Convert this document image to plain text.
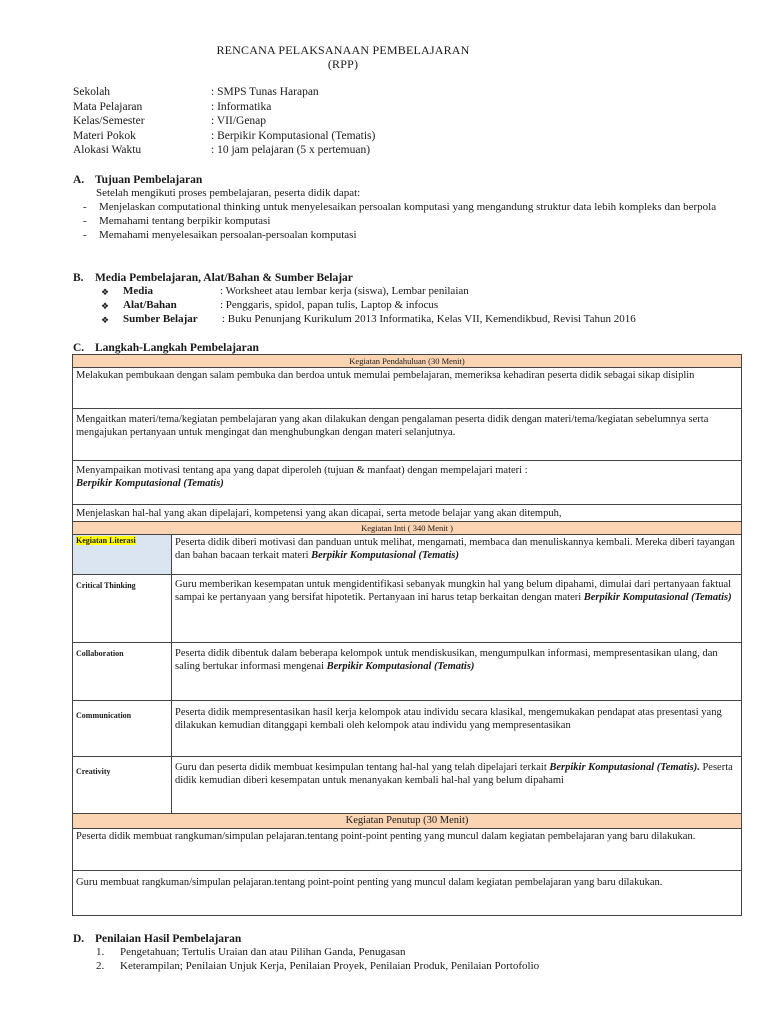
RENCANA PELAKSANAAN PEMBELAJARAN
(RPP)
Sekolah	: SMPS Tunas Harapan
Mata Pelajaran	: Informatika
Kelas/Semester	: VII/Genap
Materi Pokok	: Berpikir Komputasional (Tematis)
Alokasi Waktu	: 10 jam pelajaran (5 x pertemuan)
A. Tujuan Pembelajaran
Setelah mengikuti proses pembelajaran, peserta didik dapat:
-	Menjelaskan computational thinking untuk menyelesaikan persoalan komputasi yang mengandung struktur data lebih kompleks dan berpola
-	Memahami tentang berpikir komputasi
-	Memahami menyelesaikan persoalan-persoalan komputasi
B. Media Pembelajaran, Alat/Bahan & Sumber Belajar
❖	Media	: Worksheet atau lembar kerja (siswa), Lembar penilaian
❖	Alat/Bahan	: Penggaris, spidol, papan tulis, Laptop & infocus
❖	Sumber Belajar	: Buku Penunjang Kurikulum 2013 Informatika, Kelas VII, Kemendikbud, Revisi Tahun 2016
C. Langkah-Langkah Pembelajaran
Kegiatan Pendahuluan (30 Menit)	
Melakukan pembukaan dengan salam pembuka dan berdoa untuk memulai pembelajaran, memeriksa kehadiran peserta didik sebagai sikap disiplin	
Mengaitkan materi/tema/kegiatan pembelajaran yang akan dilakukan dengan pengalaman peserta didik dengan materi/tema/kegiatan sebelumnya serta mengajukan pertanyaan untuk mengingat dan menghubungkan dengan materi selanjutnya.	

Menyampaikan motivasi tentang apa yang dapat diperoleh (tujuan & manfaat) dengan mempelajari materi :
Berpikir Komputasional (Tematis)	

Menjelaskan hal-hal yang akan dipelajari, kompetensi yang akan dicapai, serta metode belajar yang akan ditempuh,	
Kegiatan Inti ( 340 Menit )	
Kegiatan Literasi	Peserta didik diberi motivasi dan panduan untuk melihat, mengamati, membaca dan menuliskannya kembali. Mereka diberi tayangan dan bahan bacaan terkait materi Berpikir Komputasional (Tematis)
Critical Thinking	Guru memberikan kesempatan untuk mengidentifikasi sebanyak mungkin hal yang belum dipahami, dimulai dari pertanyaan faktual sampai ke pertanyaan yang bersifat hipotetik. Pertanyaan ini harus tetap berkaitan dengan materi Berpikir Komputasional (Tematis)
Collaboration	Peserta didik dibentuk dalam beberapa kelompok untuk mendiskusikan, mengumpulkan informasi, mempresentasikan ulang, dan saling bertukar informasi mengenai Berpikir Komputasional (Tematis)
Communication	Peserta didik mempresentasikan hasil kerja kelompok atau individu secara klasikal, mengemukakan pendapat atas presentasi yang dilakukan kemudian ditanggapi kembali oleh kelompok atau individu yang mempresentasikan
Creativity	Guru dan peserta didik membuat kesimpulan tentang hal-hal yang telah dipelajari terkait Berpikir Komputasional (Tematis). Peserta didik kemudian diberi kesempatan untuk menanyakan kembali hal-hal yang belum dipahami
Kegiatan Penutup (30 Menit)	
Peserta didik membuat rangkuman/simpulan pelajaran.tentang point-point penting yang muncul dalam kegiatan pembelajaran yang baru dilakukan.	
Guru membuat rangkuman/simpulan pelajaran.tentang point-point penting yang muncul dalam kegiatan pembelajaran yang baru dilakukan.	
D. Penilaian Hasil Pembelajaran
1.	Pengetahuan; Tertulis Uraian dan atau Pilihan Ganda, Penugasan
2.	Keterampilan; Penilaian Unjuk Kerja, Penilaian Proyek, Penilaian Produk, Penilaian Portofolio
